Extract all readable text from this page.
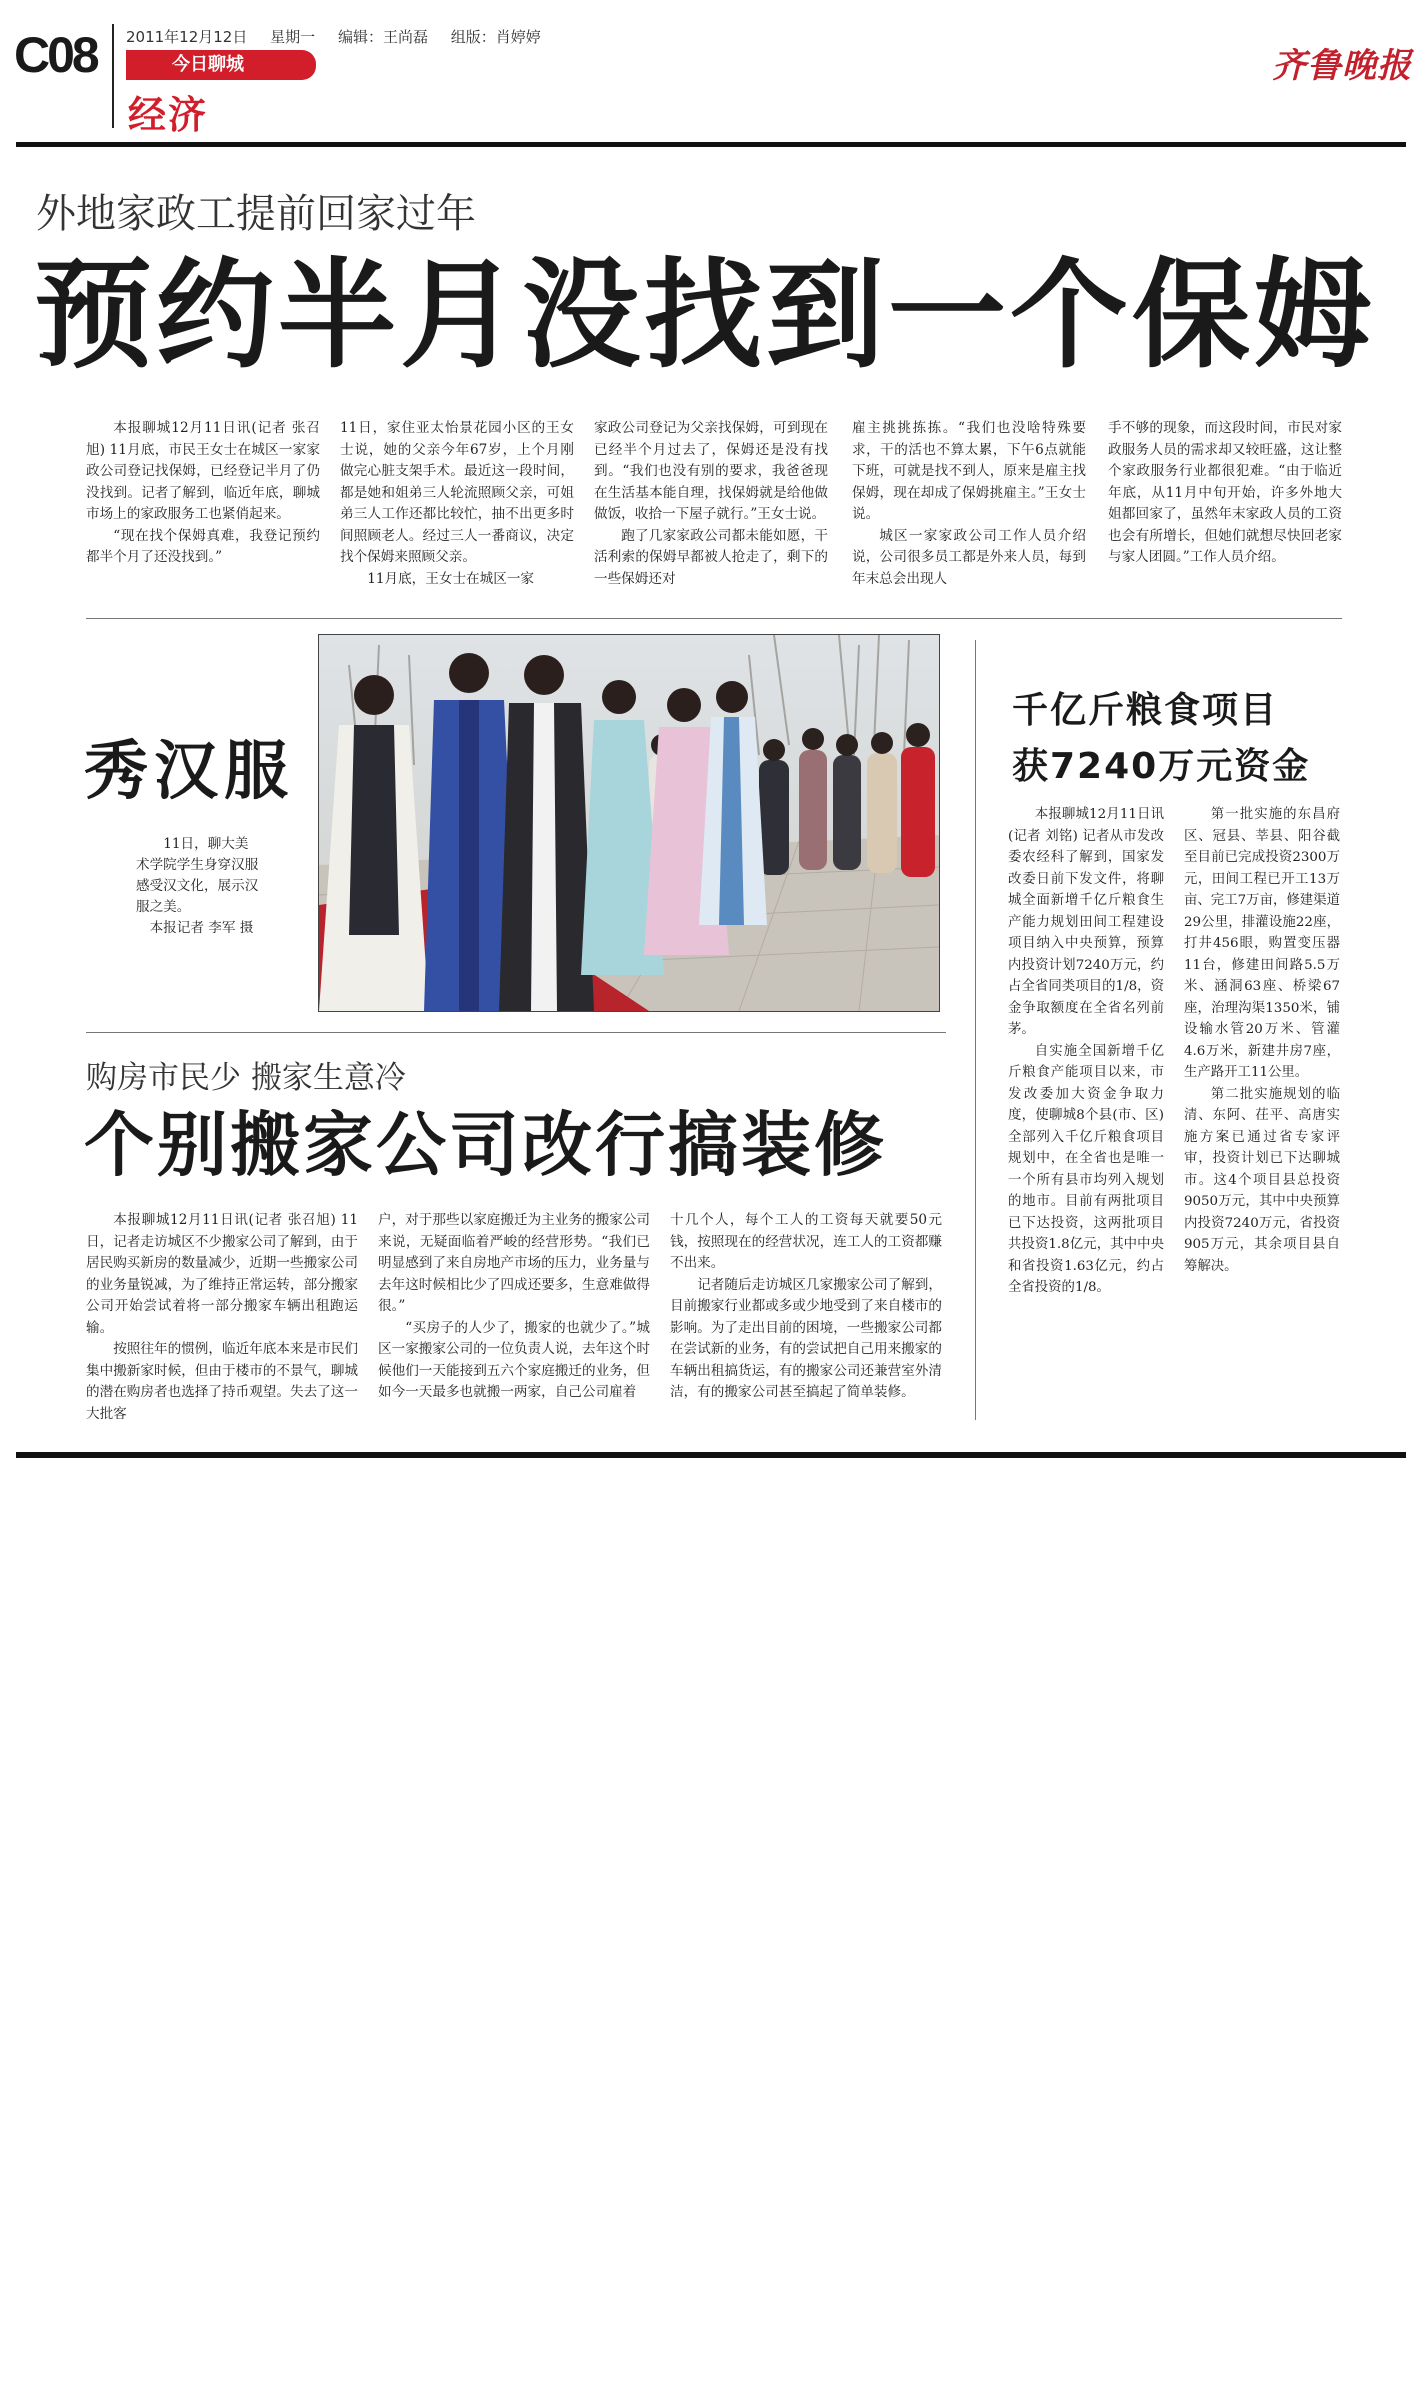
C08 2011年12月12日 星期一 编辑：王尚磊 组版：肖婷婷
今日聊城
经济
齐鲁晚报
外地家政工提前回家过年
预约半月没找到一个保姆

本报聊城12月11日讯(记者 张召旭) 11月底，市民王女士在城区一家家政公司登记找保姆，已经登记半月了仍没找到。记者了解到，临近年底，聊城市场上的家政服务工也紧俏起来。

“现在找个保姆真难，我登记预约都半个月了还没找到。”

11日，家住亚太怡景花园小区的王女士说，她的父亲今年67岁，上个月刚做完心脏支架手术。最近这一段时间，都是她和姐弟三人轮流照顾父亲，可姐弟三人工作还都比较忙，抽不出更多时间照顾老人。经过三人一番商议，决定找个保姆来照顾父亲。

11月底，王女士在城区一家

家政公司登记为父亲找保姆，可到现在已经半个月过去了，保姆还是没有找到。“我们也没有别的要求，我爸爸现在生活基本能自理，找保姆就是给他做做饭，收拾一下屋子就行。”王女士说。

跑了几家家政公司都未能如愿，干活利索的保姆早都被人抢走了，剩下的一些保姆还对

雇主挑挑拣拣。“我们也没啥特殊要求，干的活也不算太累，下午6点就能下班，可就是找不到人，原来是雇主找保姆，现在却成了保姆挑雇主。”王女士说。

城区一家家政公司工作人员介绍说，公司很多员工都是外来人员，每到年末总会出现人

手不够的现象，而这段时间，市民对家政服务人员的需求却又较旺盛，这让整个家政服务行业都很犯难。“由于临近年底，从11月中旬开始，许多外地大姐都回家了，虽然年末家政人员的工资也会有所增长，但她们就想尽快回老家与家人团圆。”工作人员介绍。

秀汉服

11日，聊大美术学院学生身穿汉服感受汉文化，展示汉服之美。

本报记者 李军 摄

千亿斤粮食项目
获7240万元资金

本报聊城12月11日讯(记者 刘铭) 记者从市发改委农经科了解到，国家发改委日前下发文件，将聊城全面新增千亿斤粮食生产能力规划田间工程建设项目纳入中央预算，预算内投资计划7240万元，约占全省同类项目的1/8，资金争取额度在全省名列前茅。

自实施全国新增千亿斤粮食产能项目以来，市发改委加大资金争取力度，使聊城8个县(市、区)全部列入千亿斤粮食项目规划中，在全省也是唯一一个所有县市均列入规划的地市。目前有两批项目已下达投资，这两批项目共投资1.8亿元，其中中央和省投资1.63亿元，约占全省投资的1/8。

第一批实施的东昌府区、冠县、莘县、阳谷截至目前已完成投资2300万元，田间工程已开工13万亩、完工7万亩，修建渠道29公里，排灌设施22座，打井456眼，购置变压器11台，修建田间路5.5万米、涵洞63座、桥梁67座，治理沟渠1350米，铺设输水管20万米、管灌4.6万米，新建井房7座，生产路开工11公里。

第二批实施规划的临清、东阿、茌平、高唐实施方案已通过省专家评审，投资计划已下达聊城市。这4个项目县总投资9050万元，其中中央预算内投资7240万元，省投资905万元，其余项目县自筹解决。

购房市民少 搬家生意冷
个别搬家公司改行搞装修

本报聊城12月11日讯(记者 张召旭) 11日，记者走访城区不少搬家公司了解到，由于居民购买新房的数量减少，近期一些搬家公司的业务量锐减，为了维持正常运转，部分搬家公司开始尝试着将一部分搬家车辆出租跑运输。

按照往年的惯例，临近年底本来是市民们集中搬新家时候，但由于楼市的不景气，聊城的潜在购房者也选择了持币观望。失去了这一大批客

户，对于那些以家庭搬迁为主业务的搬家公司来说，无疑面临着严峻的经营形势。“我们已明显感到了来自房地产市场的压力，业务量与去年这时候相比少了四成还要多，生意难做得很。”

“买房子的人少了，搬家的也就少了。”城区一家搬家公司的一位负责人说，去年这个时候他们一天能接到五六个家庭搬迁的业务，但如今一天最多也就搬一两家，自己公司雇着

十几个人，每个工人的工资每天就要50元钱，按照现在的经营状况，连工人的工资都赚不出来。

记者随后走访城区几家搬家公司了解到，目前搬家行业都或多或少地受到了来自楼市的影响。为了走出目前的困境，一些搬家公司都在尝试新的业务，有的尝试把自己用来搬家的车辆出租搞货运，有的搬家公司还兼营室外清洁，有的搬家公司甚至搞起了简单装修。
